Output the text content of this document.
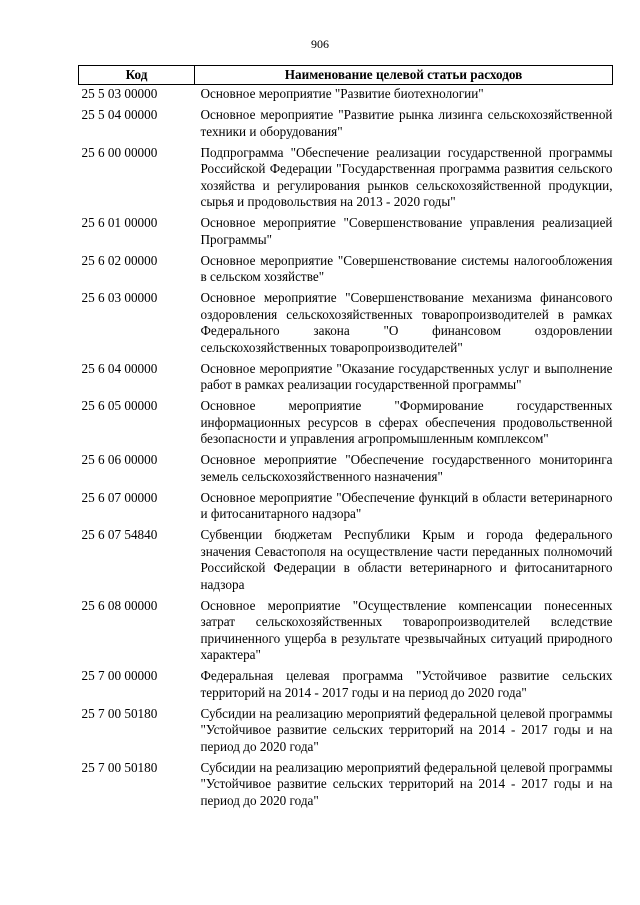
906
Код	Наименование целевой статьи расходов
25 5 03 00000	Основное мероприятие "Развитие биотехнологии"
25 5 04 00000	Основное мероприятие "Развитие рынка лизинга сельскохозяйственной техники и оборудования"
25 6 00 00000	Подпрограмма "Обеспечение реализации государственной программы Российской Федерации "Государственная программа развития сельского хозяйства и регулирования рынков сельскохозяйственной продукции, сырья и продовольствия на 2013 - 2020 годы"
25 6 01 00000	Основное мероприятие "Совершенствование управления реализацией Программы"
25 6 02 00000	Основное мероприятие "Совершенствование системы налогообложения в сельском хозяйстве"
25 6 03 00000	Основное мероприятие "Совершенствование механизма финансового оздоровления сельскохозяйственных товаропроизводителей в рамках Федерального закона "О финансовом оздоровлении сельскохозяйственных товаропроизводителей"
25 6 04 00000	Основное мероприятие "Оказание государственных услуг и выполнение работ в рамках реализации государственной программы"
25 6 05 00000	Основное мероприятие "Формирование государственных информационных ресурсов в сферах обеспечения продовольственной безопасности и управления агропромышленным комплексом"
25 6 06 00000	Основное мероприятие "Обеспечение государственного мониторинга земель сельскохозяйственного назначения"
25 6 07 00000	Основное мероприятие "Обеспечение функций в области ветеринарного и фитосанитарного надзора"
25 6 07 54840	Субвенции бюджетам Республики Крым и города федерального значения Севастополя на осуществление части переданных полномочий Российской Федерации в области ветеринарного и фитосанитарного надзора
25 6 08 00000	Основное мероприятие "Осуществление компенсации понесенных затрат сельскохозяйственных товаропроизводителей вследствие причиненного ущерба в результате чрезвычайных ситуаций природного характера"
25 7 00 00000	Федеральная целевая программа "Устойчивое развитие сельских территорий на 2014 - 2017 годы и на период до 2020 года"
25 7 00 50180	Субсидии на реализацию мероприятий федеральной целевой программы "Устойчивое развитие сельских территорий на 2014 - 2017 годы и на период до 2020 года"
25 7 00 50180	Субсидии на реализацию мероприятий федеральной целевой программы "Устойчивое развитие сельских территорий на 2014 - 2017 годы и на период до 2020 года"
